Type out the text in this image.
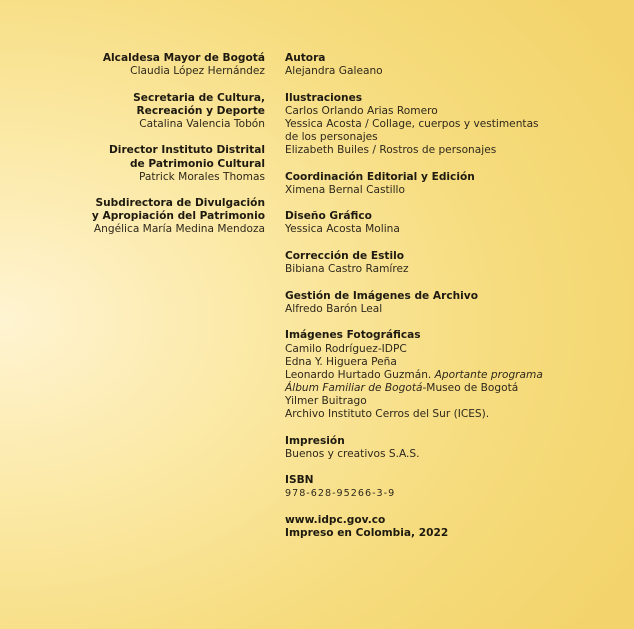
Alcaldesa Mayor de Bogotá
Claudia López Hernández
Secretaria de Cultura,
Recreación y Deporte
Catalina Valencia Tobón
Director Instituto Distrital
de Patrimonio Cultural
Patrick Morales Thomas
Subdirectora de Divulgación
y Apropiación del Patrimonio
Angélica María Medina Mendoza
Autora
Alejandra Galeano
Ilustraciones
Carlos Orlando Arias Romero
Yessica Acosta / Collage, cuerpos y vestimentas
de los personajes
Elizabeth Builes / Rostros de personajes
Coordinación Editorial y Edición
Ximena Bernal Castillo
Diseño Gráfico
Yessica Acosta Molina
Corrección de Estilo
Bibiana Castro Ramírez
Gestión de Imágenes de Archivo
Alfredo Barón Leal
Imágenes Fotográficas
Camilo Rodríguez-IDPC
Edna Y. Higuera Peña
Leonardo Hurtado Guzmán. Aportante programa
Álbum Familiar de Bogotá-Museo de Bogotá
Yilmer Buitrago
Archivo Instituto Cerros del Sur (ICES).
Impresión
Buenos y creativos S.A.S.
ISBN
978-628-95266-3-9
www.idpc.gov.co
Impreso en Colombia, 2022
